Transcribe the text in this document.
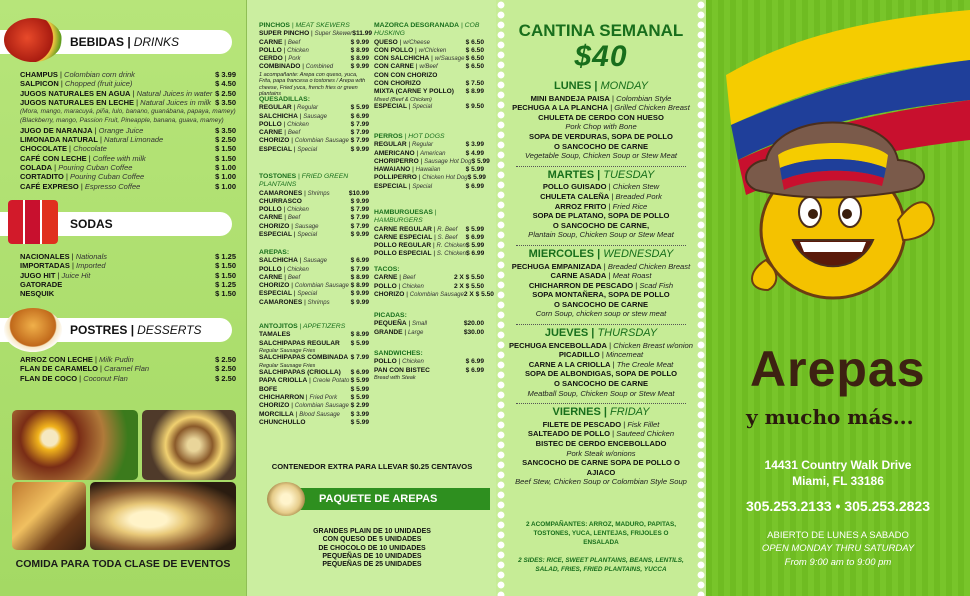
BEBIDAS | DRINKS
CHAMPUS | Colombian corn drink	$ 3.99
SALPICON | Chopped (fruit juice)	$ 4.50
JUGOS NATURALES EN AGUA | Natural Juices in water $ 2.50
JUGOS NATURALES EN LECHE | Natural Juices in milk $ 3.50
(Mora, mango, maracuyá, piña, lulo, banano, guanábana, papaya, mamey) (Blackberry, mango, Passion Fruit, Pineapple, banana, guava, mamey)
JUGO DE NARANJA | Orange Juice	$ 3.50
LIMONADA NATURAL | Natural Limonade	$ 2.50
CHOCOLATE | Chocolate	$ 1.50
CAFÉ CON LECHE | Coffee with milk	$ 1.50
COLADA | Pouring Cuban Coffee	$ 1.00
CORTADITO | Pouring Cuban Coffee	$ 1.00
CAFÉ EXPRESO | Espresso Coffee	$ 1.00
SODAS
NACIONALES | Nationals	$ 1.25
IMPORTADAS | Imported	$ 1.50
JUGO HIT | Juice Hit	$ 1.50
GATORADE	$ 1.25
NESQUIK	$ 1.50
POSTRES | DESSERTS
ARROZ CON LECHE | Milk Pudin	$ 2.50
FLAN DE CARAMELO | Caramel Flan	$ 2.50
FLAN DE COCO | Coconut Flan	$ 2.50
COMIDA PARA TODA CLASE DE EVENTOS
PINCHOS | MEAT SKEWERS
SUPER PINCHO | Super Skewer $11.99
CARNE | Beef	$ 9.99
POLLO | Chicken	$ 8.99
CERDO | Pork	$ 8.99
COMBINADO | Combined	$ 9.99
1 acompañante: Arepa con queso, yuca, Frita, papa francesa o tostones / Arepa with cheese, Fried yuca, french fries or green plantains
QUESADILLAS:
REGULAR | Regular	$ 5.99
SALCHICHA | Sausage	$ 6.99
POLLO | Chicken	$ 7.99
CARNE | Beef	$ 7.99
CHORIZO | Colombian Sausage $ 7.99
ESPECIAL | Special	$ 9.99
TOSTONES | FRIED GREEN PLANTAINS
CAMARONES | Shrimps	$10.99
CHURRASCO	$ 9.99
POLLO | Chicken	$ 7.99
CARNE | Beef	$ 7.99
CHORIZO | Sausage	$ 7.99
ESPECIAL | Special	$ 9.99
AREPAS:
SALCHICHA | Sausage	$ 6.99
POLLO | Chicken	$ 7.99
CARNE | Beef	$ 8.99
CHORIZO | Colombian Sausage $ 8.99
ESPECIAL | Special	$ 9.99
CAMARONES | Shrimps	$ 9.99
ANTOJITOS | APPETIZERS
TAMALES	$ 8.99
SALCHIPAPAS REGULAR $ 5.99
Regular Sausage Fries
SALCHIPAPAS COMBINADA $ 7.99
Regular Sausage Fries
SALCHIPAPAS (CRIOLLA) $ 6.99
PAPA CRIOLLA | Creole Potato $ 5.99
BOFE	$ 5.99
CHICHARRON | Fried Pork $ 5.99
CHORIZO | Colombian Sausage $ 2.99
MORCILLA | Blood Sausage $ 3.99
CHUNCHULLO	$ 5.99
MAZORCA DESGRANADA | COB HUSKING
QUESO | w/Cheese	$ 6.50
CON POLLO | w/Chicken	$ 6.50
CON SALCHICHA | w/Sausage $ 6.50
CON CARNE | w/Beef	$ 6.50
CON CON CHORIZO
CON CHORIZO	$ 7.50
MIXTA (CARNE Y POLLO) $ 8.99
Mixed (Beef & Chicken)
ESPECIAL | Special	$ 9.50
PERROS | HOT DOGS
REGULAR | Regular	$ 3.99
AMERICANO | American	$ 4.99
CHORIPERRO | Sausage Hot Dog $ 5.99
HAWAIANO | Hawaiian	$ 5.99
POLLIPERRO | Chicken Hot Dog $ 5.99
ESPECIAL | Special	$ 6.99
HAMBURGUESAS | HAMBURGERS
CARNE REGULAR | R. Beef $ 5.99
CARNE ESPECIAL | S. Beef $ 6.99
POLLO REGULAR | R. Chicken $ 5.99
POLLO ESPECIAL | S. Chicken $ 6.99
TACOS:
CARNE | Beef	2 X $ 5.50
POLLO | Chicken	2 X $ 5.50
CHORIZO | Colombian Sausage 2 X $ 5.50
PICADAS:
PEQUEÑA | Small	$20.00
GRANDE | Large	$30.00
SANDWICHES:
POLLO | Chicken	$ 6.99
PAN CON BISTEC	$ 6.99
Bread with Steak
CONTENEDOR EXTRA PARA LLEVAR $0.25 CENTAVOS
PAQUETE DE AREPAS
GRANDES PLAIN DE 10 UNIDADES
CON QUESO DE 5 UNIDADES
DE CHOCOLO DE 10 UNIDADES
PEQUEÑAS DE 10 UNIDADES
PEQUEÑAS DE 25 UNIDADES
CANTINA SEMANAL
$40
LUNES | MONDAY
MINI BANDEJA PAISA | Colombian Style
PECHUGA A LA PLANCHA | Grilled Chicken Breast
CHULETA DE CERDO CON HUESO
Pork Chop with Bone
SOPA DE VERDURAS, SOPA DE POLLO
O SANCOCHO DE CARNE
Vegetable Soup, Chicken Soup or Stew Meat
MARTES | TUESDAY
POLLO GUISADO | Chicken Stew
CHULETA CALEÑA | Breaded Pork
ARROZ FRITO | Fried Rice
SOPA DE PLATANO, SOPA DE POLLO
O SANCOCHO DE CARNE,
Plantain Soup, Chicken Soup or Stew Meat
MIERCOLES | WEDNESDAY
PECHUGA EMPANIZADA | Breaded Chicken Breast
CARNE ASADA | Meat Roast
CHICHARRON DE PESCADO | Scad Fish
SOPA MONTAÑERA, SOPA DE POLLO
O SANCOCHO DE CARNE
Corn Soup, chicken soup or stew meat
JUEVES | THURSDAY
PECHUGA ENCEBOLLADA | Chicken Breast w/onion
PICADILLO | Mincemeat
CARNE A LA CRIOLLA | The Creole Meat
SOPA DE ALBONDIGAS, SOPA DE POLLO
O SANCOCHO DE CARNE
Meatball Soup, Chicken Soup or Stew Meat
VIERNES | FRIDAY
FILETE DE PESCADO | Fisk Fillet
SALTEADO DE POLLO | Sauteed Chicken
BISTEC DE CERDO ENCEBOLLADO
Pork Steak w/onions
SANCOCHO DE CARNE SOPA DE POLLO O AJIACO
Beef Stew, Chicken Soup or Colombian Style Soup
2 ACOMPAÑANTES: ARROZ, MADURO, PAPITAS, TOSTONES, YUCA, LENTEJAS, FRIJOLES O ENSALADA
2 SIDES: RICE, SWEET PLANTAINS, BEANS, LENTILS, SALAD, FRIES, FRIED PLANTAINS, YUCCA
Arepas
y mucho más...
14431 Country Walk Drive
Miami, FL 33186
305.253.2133 • 305.253.2823
ABIERTO DE LUNES A SABADO
OPEN MONDAY THRU SATURDAY
From 9:00 am to 9:00 pm
